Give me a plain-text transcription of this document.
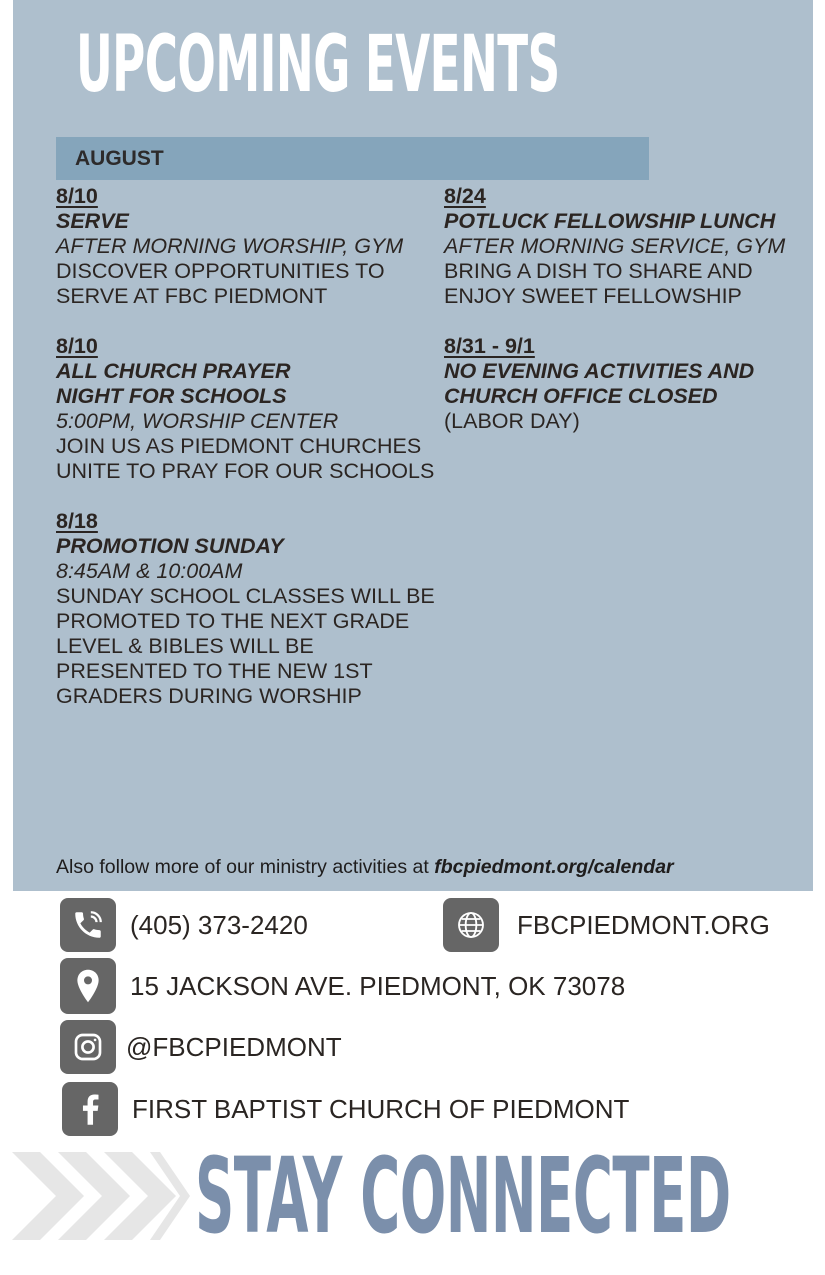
UPCOMING EVENTS
AUGUST
8/10
SERVE
AFTER MORNING WORSHIP, GYM
DISCOVER OPPORTUNITIES TO SERVE AT FBC PIEDMONT
8/10
ALL CHURCH PRAYER NIGHT FOR SCHOOLS
5:00PM, WORSHIP CENTER
JOIN US AS PIEDMONT CHURCHES UNITE TO PRAY FOR OUR SCHOOLS
8/18
PROMOTION SUNDAY
8:45AM & 10:00AM
SUNDAY SCHOOL CLASSES WILL BE PROMOTED TO THE NEXT GRADE LEVEL & BIBLES WILL BE PRESENTED TO THE NEW 1ST GRADERS DURING WORSHIP
8/24
POTLUCK FELLOWSHIP LUNCH
AFTER MORNING SERVICE, GYM
BRING A DISH TO SHARE AND ENJOY SWEET FELLOWSHIP
8/31 - 9/1
NO EVENING ACTIVITIES AND CHURCH OFFICE CLOSED
(LABOR DAY)
Also follow more of our ministry activities at fbcpiedmont.org/calendar
(405) 373-2420	FBCPIEDMONT.ORG
15 JACKSON AVE. PIEDMONT, OK 73078
@FBCPIEDMONT
FIRST BAPTIST CHURCH OF PIEDMONT
STAY CONNECTED
